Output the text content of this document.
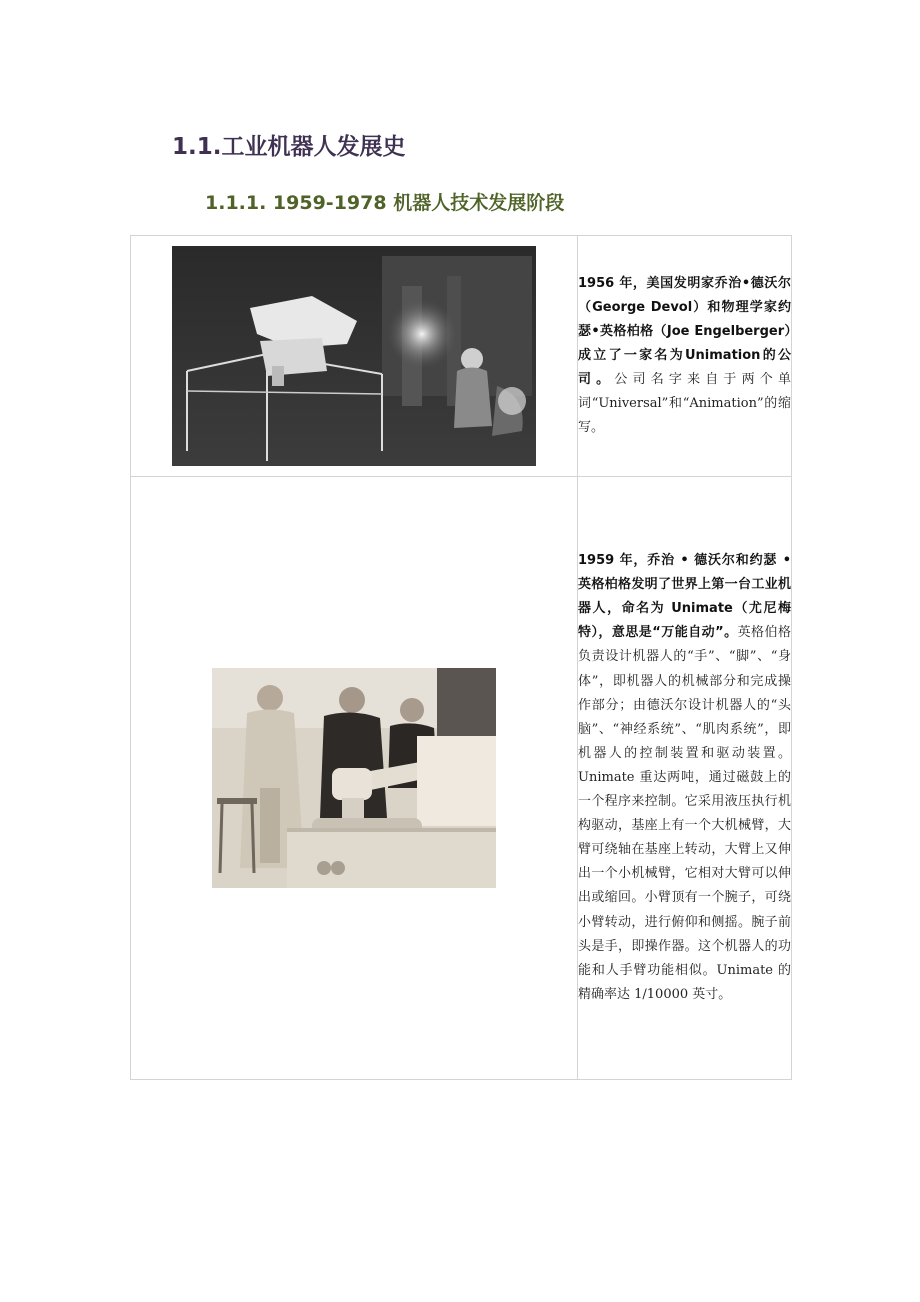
1.1.工业机器人发展史
1.1.1. 1959-1978 机器人技术发展阶段

1956 年，美国发明家乔治•德沃尔（George Devol）和物理学家约瑟•英格柏格（Joe Engelberger）成立了一家名为Unimation的公司。公司名字来自于两个单词“Universal”和“Animation”的缩写。

1959 年，乔治 • 德沃尔和约瑟 • 英格柏格发明了世界上第一台工业机器人，命名为 Unimate（尤尼梅特），意思是“万能自动”。英格伯格负责设计机器人的“手”、“脚”、“身体”，即机器人的机械部分和完成操作部分；由德沃尔设计机器人的“头脑”、“神经系统”、“肌肉系统”，即机器人的控制装置和驱动装置。Unimate 重达两吨，通过磁鼓上的一个程序来控制。它采用液压执行机构驱动，基座上有一个大机械臂，大臂可绕轴在基座上转动，大臂上又伸出一个小机械臂，它相对大臂可以伸出或缩回。小臂顶有一个腕子，可绕小臂转动，进行俯仰和侧摇。腕子前头是手，即操作器。这个机器人的功能和人手臂功能相似。Unimate 的精确率达 1/10000 英寸。
